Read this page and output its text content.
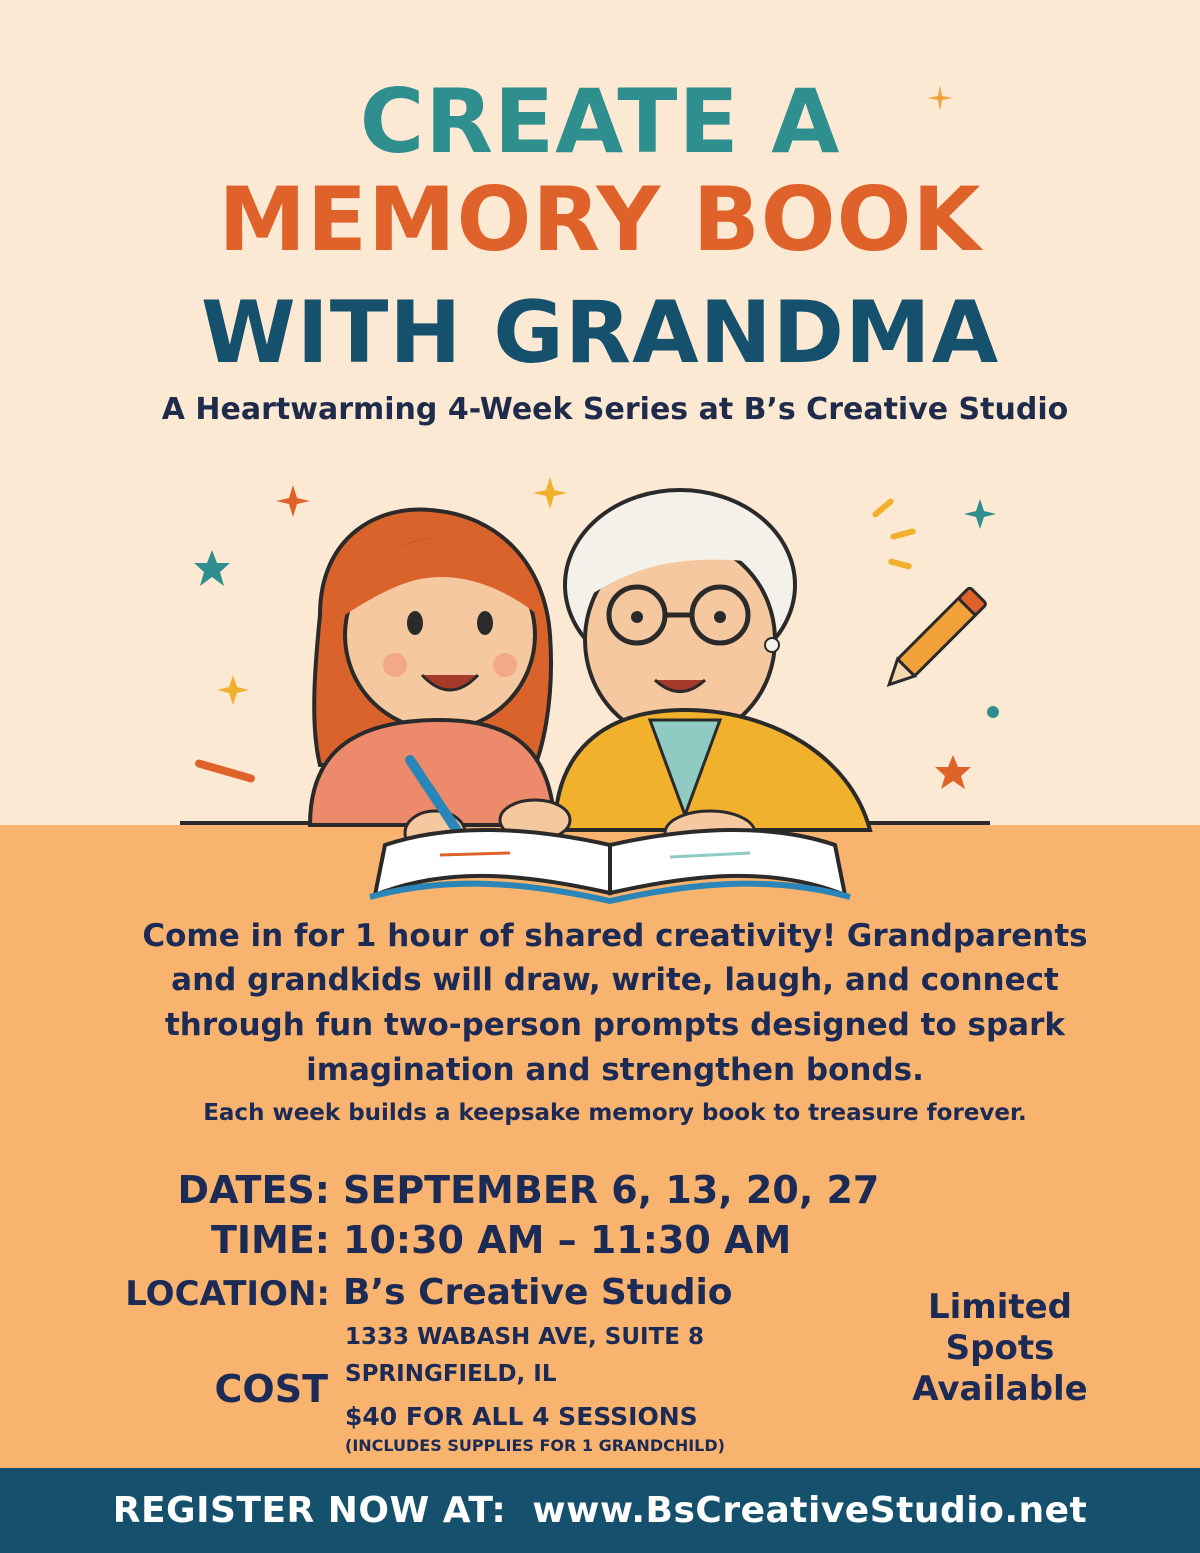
CREATE A
MEMORY BOOK
WITH GRANDMA
A Heartwarming 4-Week Series at B’s Creative Studio
Come in for 1 hour of shared creativity! Grandparents
and grandkids will draw, write, laugh, and connect
through fun two-person prompts designed to spark
imagination and strengthen bonds.
Each week builds a keepsake memory book to treasure forever.
DATES: SEPTEMBER 6, 13, 20, 27
TIME: 10:30 AM – 11:30 AM
LOCATION: B’s Creative Studio
1333 WABASH AVE, SUITE 8
SPRINGFIELD, IL
COST
$40 FOR ALL 4 SESSIONS
(INCLUDES SUPPLIES FOR 1 GRANDCHILD)
Limited
Spots
Available
REGISTER NOW AT:  www.BsCreativeStudio.net
